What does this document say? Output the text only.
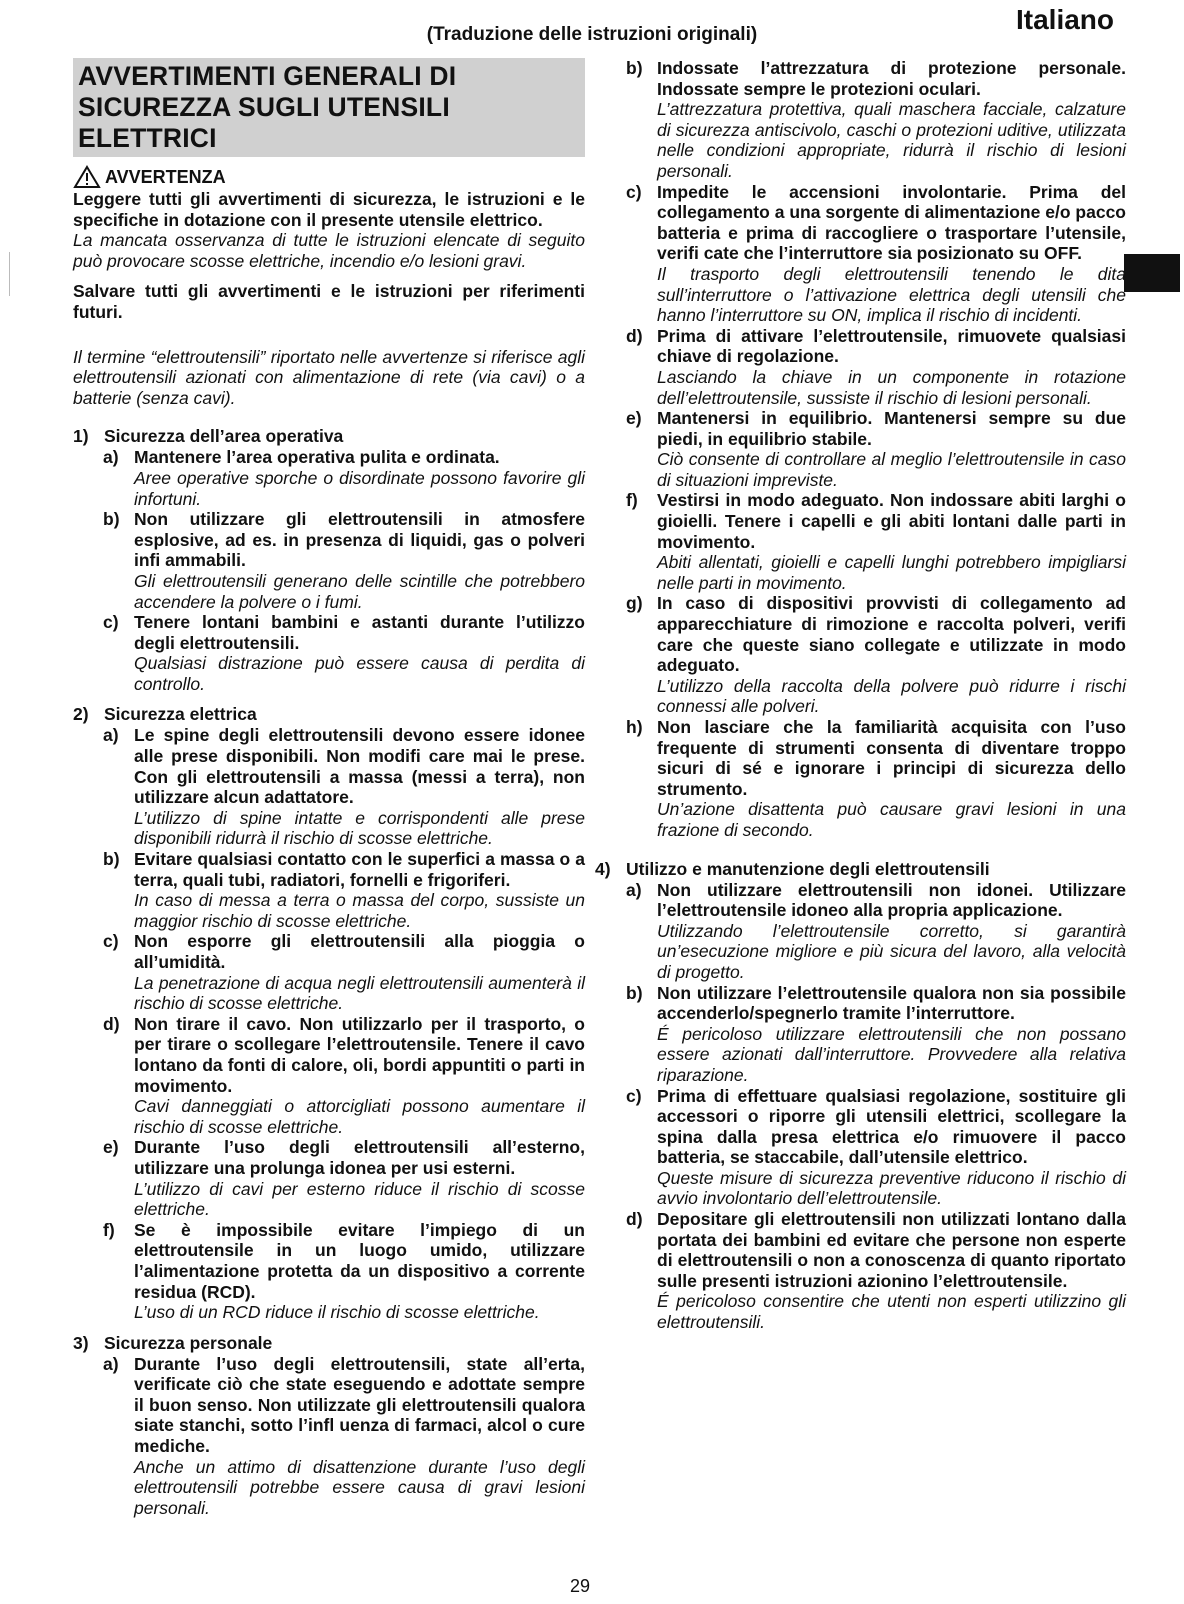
(Traduzione delle istruzioni originali)	Italiano
AVVERTIMENTI GENERALI DI SICUREZZA SUGLI UTENSILI ELETTRICI
AVVERTENZA

Leggere tutti gli avvertimenti di sicurezza, le istruzioni e le specifiche in dotazione con il presente utensile elettrico.

La mancata osservanza di tutte le istruzioni elencate di seguito può provocare scosse elettriche, incendio e/o lesioni gravi.

Salvare tutti gli avvertimenti e le istruzioni per riferimenti futuri.

Il termine “elettroutensili” riportato nelle avvertenze si riferisce agli elettroutensili azionati con alimentazione di rete (via cavi) o a batterie (senza cavi).

1) Sicurezza dell’area operativa

a) Mantenere l’area operativa pulita e ordinata.

Aree operative sporche o disordinate possono favorire gli infortuni.

b) Non utilizzare gli elettroutensili in atmosfere esplosive, ad es. in presenza di liquidi, gas o polveri infi ammabili.

Gli elettroutensili generano delle scintille che potrebbero accendere la polvere o i fumi.

c) Tenere lontani bambini e astanti durante l’utilizzo degli elettroutensili.

Qualsiasi distrazione può essere causa di perdita di controllo.

2) Sicurezza elettrica

a) Le spine degli elettroutensili devono essere idonee alle prese disponibili. Non modifi care mai le prese. Con gli elettroutensili a massa (messi a terra), non utilizzare alcun adattatore.

L’utilizzo di spine intatte e corrispondenti alle prese disponibili ridurrà il rischio di scosse elettriche.

b) Evitare qualsiasi contatto con le superfici a massa o a terra, quali tubi, radiatori, fornelli e frigoriferi.

In caso di messa a terra o massa del corpo, sussiste un maggior rischio di scosse elettriche.

c) Non esporre gli elettroutensili alla pioggia o all’umidità.

La penetrazione di acqua negli elettroutensili aumenterà il rischio di scosse elettriche.

d) Non tirare il cavo. Non utilizzarlo per il trasporto, o per tirare o scollegare l’elettroutensile. Tenere il cavo lontano da fonti di calore, oli, bordi appuntiti o parti in movimento.

Cavi danneggiati o attorcigliati possono aumentare il rischio di scosse elettriche.

e) Durante l’uso degli elettroutensili all’esterno, utilizzare una prolunga idonea per usi esterni.

L’utilizzo di cavi per esterno riduce il rischio di scosse elettriche.

f)	Se è impossibile evitare l’impiego di un elettroutensile in un luogo umido, utilizzare l’alimentazione protetta da un dispositivo a corrente residua (RCD).

L’uso di un RCD riduce il rischio di scosse elettriche.

3) Sicurezza personale

a) Durante l’uso degli elettroutensili, state all’erta, verificate ciò che state eseguendo e adottate sempre il buon senso. Non utilizzate gli elettroutensili qualora siate stanchi, sotto l’infl uenza di farmaci, alcol o cure mediche.

Anche un attimo di disattenzione durante l’uso degli elettroutensili potrebbe essere causa di gravi lesioni personali.

b) Indossate l’attrezzatura di protezione personale. Indossate sempre le protezioni oculari.

L’attrezzatura protettiva, quali maschera facciale, calzature di sicurezza antiscivolo, caschi o protezioni uditive, utilizzata nelle condizioni appropriate, ridurrà il rischio di lesioni personali.

c) Impedite le accensioni involontarie. Prima del collegamento a una sorgente di alimentazione e/o pacco batteria e prima di raccogliere o trasportare l’utensile, verifi cate che l’interruttore sia posizionato su OFF.

Il trasporto degli elettroutensili tenendo le dita sull’interruttore o l’attivazione elettrica degli utensili che hanno l’interruttore su ON, implica il rischio di incidenti.

d) Prima di attivare l’elettroutensile, rimuovete qualsiasi chiave di regolazione.

Lasciando la chiave in un componente in rotazione dell’elettroutensile, sussiste il rischio di lesioni personali.

e) Mantenersi in equilibrio. Mantenersi sempre su due piedi, in equilibrio stabile.

Ciò consente di controllare al meglio l’elettroutensile in caso di situazioni impreviste.

f)	Vestirsi in modo adeguato. Non indossare abiti larghi o gioielli. Tenere i capelli e gli abiti lontani dalle parti in movimento.

Abiti allentati, gioielli e capelli lunghi potrebbero impigliarsi nelle parti in movimento.

g) In caso di dispositivi provvisti di collegamento ad apparecchiature di rimozione e raccolta polveri, verifi care che queste siano collegate e utilizzate in modo adeguato.

L’utilizzo della raccolta della polvere può ridurre i rischi connessi alle polveri.

h) Non lasciare che la familiarità acquisita con l’uso frequente di strumenti consenta di diventare troppo sicuri di sé e ignorare i principi di sicurezza dello strumento.

Un’azione disattenta può causare gravi lesioni in una frazione di secondo.

4) Utilizzo e manutenzione degli elettroutensili

a) Non utilizzare elettroutensili non idonei. Utilizzare l’elettroutensile idoneo alla propria applicazione.

Utilizzando l’elettroutensile corretto, si garantirà un’esecuzione migliore e più sicura del lavoro, alla velocità di progetto.

b) Non utilizzare l’elettroutensile qualora non sia possibile accenderlo/spegnerlo tramite l’interruttore.

É pericoloso utilizzare elettroutensili che non possano essere azionati dall’interruttore. Provvedere alla relativa riparazione.

c) Prima di effettuare qualsiasi regolazione, sostituire gli accessori o riporre gli utensili elettrici, scollegare la spina dalla presa elettrica e/o rimuovere il pacco batteria, se staccabile, dall’utensile elettrico.

Queste misure di sicurezza preventive riducono il rischio di avvio involontario dell’elettroutensile.

d) Depositare gli elettroutensili non utilizzati lontano dalla portata dei bambini ed evitare che persone non esperte di elettroutensili o non a conoscenza di quanto riportato sulle presenti istruzioni azionino l’elettroutensile.

É pericoloso consentire che utenti non esperti utilizzino gli elettroutensili.

29
